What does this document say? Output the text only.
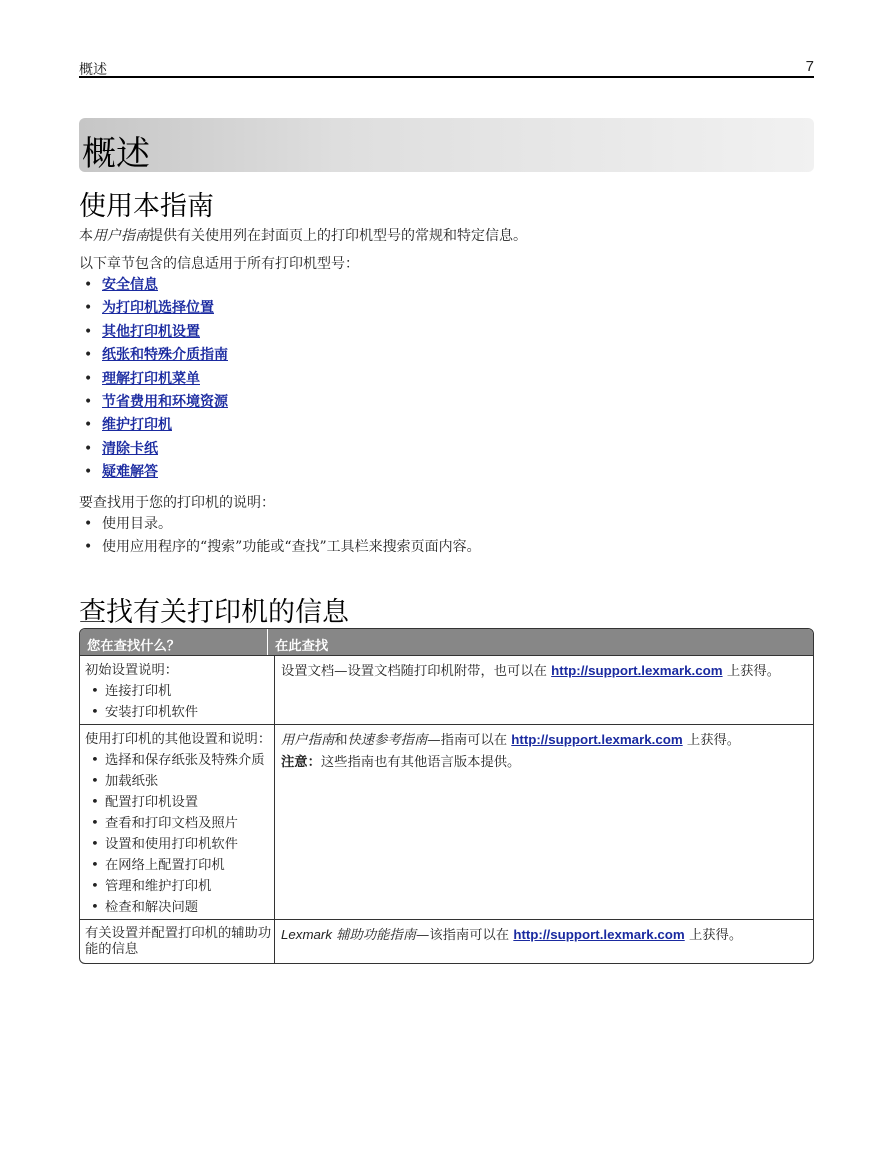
概述	7
概述
使用本指南
本用户指南提供有关使用列在封面页上的打印机型号的常规和特定信息。
以下章节包含的信息适用于所有打印机型号：
• 安全信息
• 为打印机选择位置
• 其他打印机设置
• 纸张和特殊介质指南
• 理解打印机菜单
• 节省费用和环境资源
• 维护打印机
• 清除卡纸
• 疑难解答
要查找用于您的打印机的说明：
• 使用目录。
• 使用应用程序的“搜索”功能或“查找”工具栏来搜索页面内容。
查找有关打印机的信息
您在查找什么？	在此查找
初始设置说明：
• 连接打印机
• 安装打印机软件
设置文档—设置文档随打印机附带，也可以在 http://support.lexmark.com 上获得。
使用打印机的其他设置和说明：
• 选择和保存纸张及特殊介质
• 加载纸张
• 配置打印机设置
• 查看和打印文档及照片
• 设置和使用打印机软件
• 在网络上配置打印机
• 管理和维护打印机
• 检查和解决问题
用户指南和快速参考指南—指南可以在 http://support.lexmark.com 上获得。
注意：这些指南也有其他语言版本提供。
有关设置并配置打印机的辅助功能的信息
Lexmark 辅助功能指南—该指南可以在 http://support.lexmark.com 上获得。
